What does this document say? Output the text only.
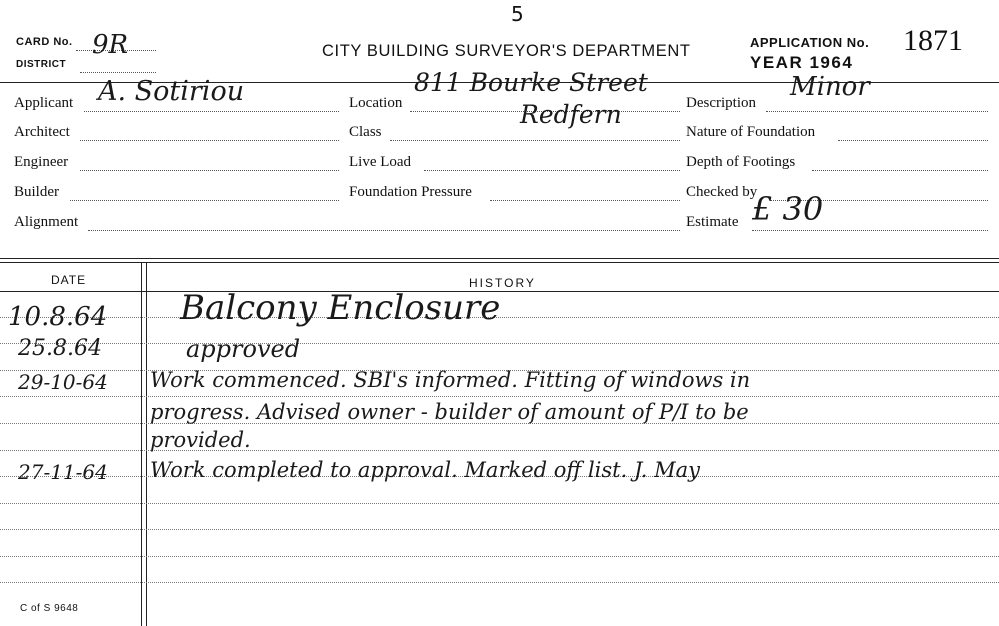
CARD No. 9R
DISTRICT
5
CITY BUILDING SURVEYOR'S DEPARTMENT	APPLICATION No. 1871
YEAR 1964
Applicant A. Sotiriou
Architect
Engineer
Builder
Alignment
Location
811 Bourke Street
Redfern
Class
Live Load
Foundation Pressure
Description
Minor
Nature of Foundation
Depth of Footings
Checked by
Estimate £ 30
DATE	HISTORY
10.8.64 Balcony Enclosure
25.8.64	approved
29-10-64 Work commenced. SBI's informed. Fitting of windows in
progress. Advised owner - builder of amount of P/I to be
provided.
27-11-64 Work completed to approval. Marked off list. J. May
C of S 9648
